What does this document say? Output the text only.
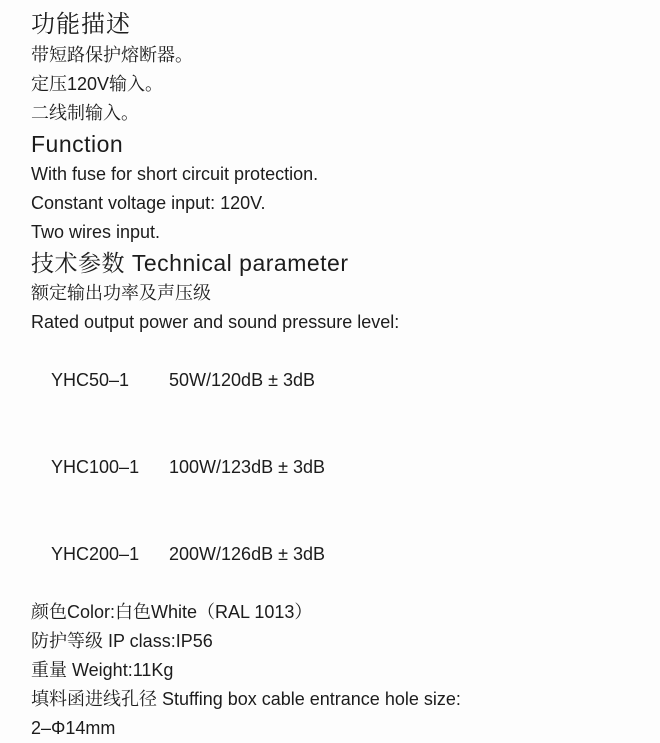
功能描述
带短路保护熔断器。
定压120V输入。
二线制输入。
Function
With fuse for short circuit protection.
Constant voltage input: 120V.
Two wires input.
技术参数 Technical parameter
额定输出功率及声压级
Rated output power and sound pressure level:

YHC50–1 50W/120dB ± 3dB

YHC100–1 100W/123dB ± 3dB

YHC200–1 200W/126dB ± 3dB

颜色Color:白色White（RAL 1013）
防护等级 IP class:IP56
重量 Weight:11Kg
填料函进线孔径 Stuffing box cable entrance hole size:
2–Φ14mm
